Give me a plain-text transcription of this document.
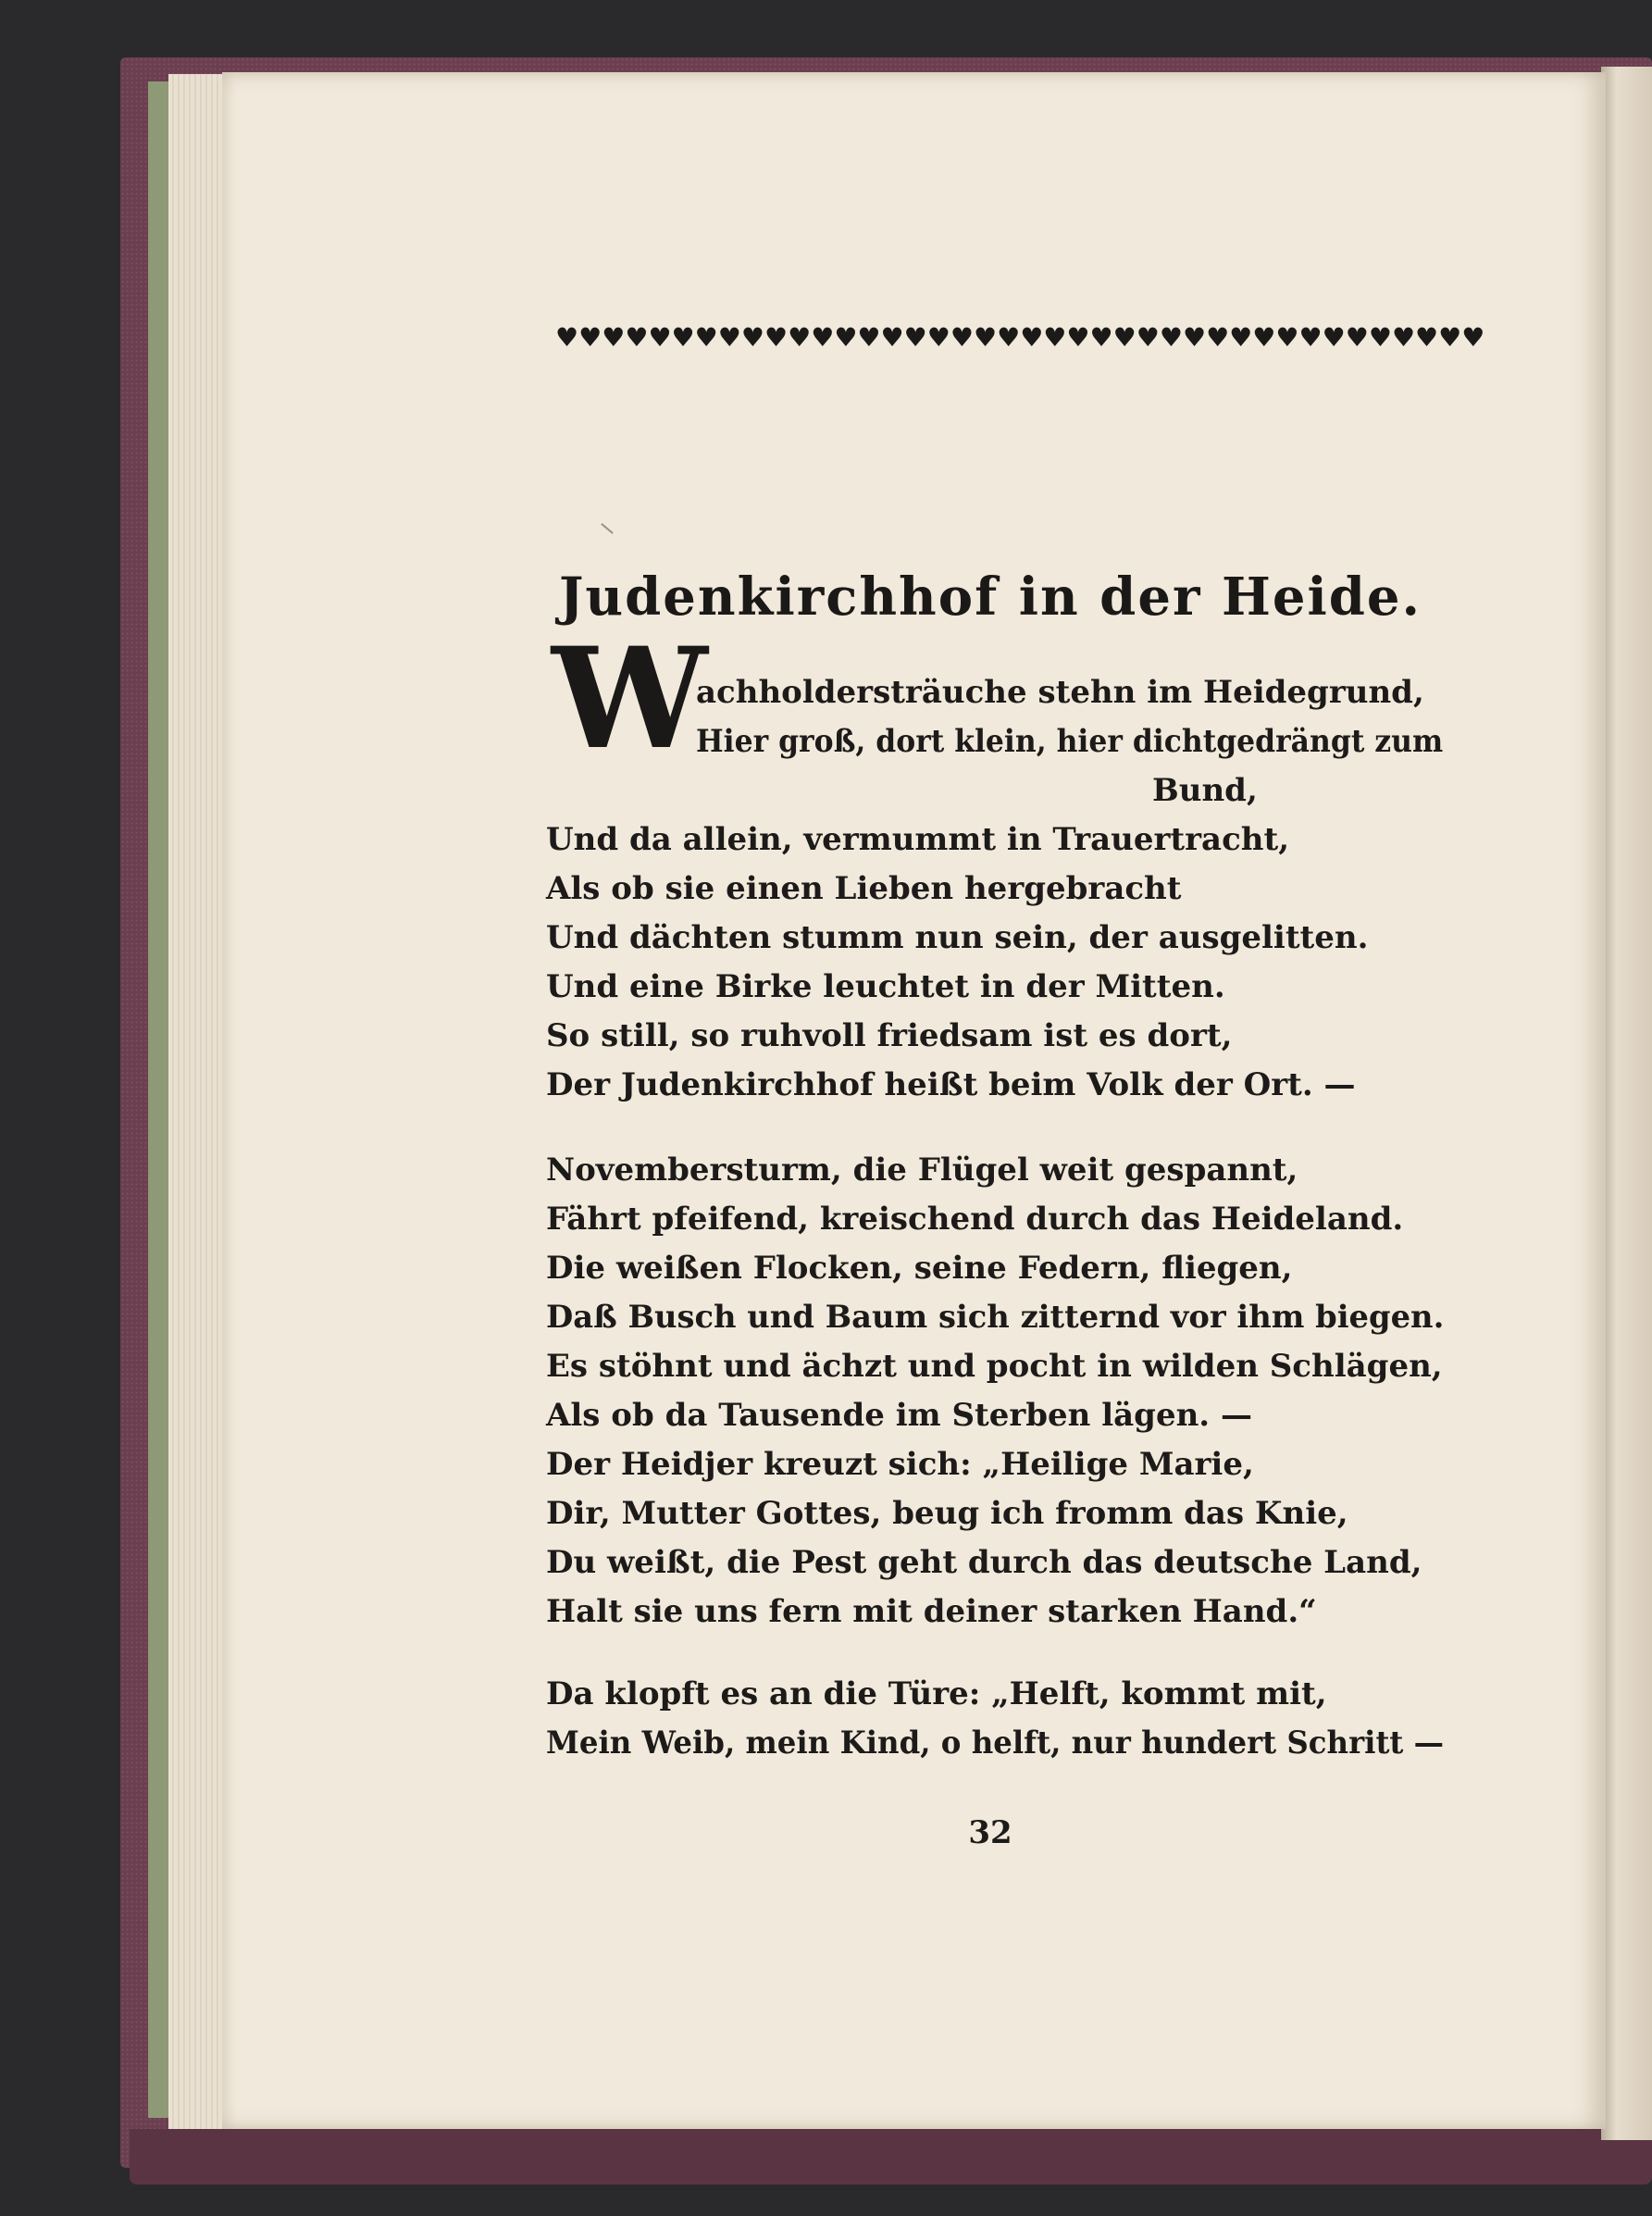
♥ ♥ ♥ ♥ ♥ ♥ ♥ ♥ ♥ ♥ ♥ ♥ ♥ ♥ ♥ ♥ ♥ ♥ ♥ ♥ ♥ ♥ ♥ ♥ ♥ ♥ ♥ ♥ ♥ ♥ ♥ ♥ ♥ ♥ ♥ ♥ ♥ ♥ ♥ ♥
Judenkirchhof in der Heide.
W
achholdersträuche stehn im Heidegrund,
Hier groß, dort klein, hier dichtgedrängt zum
Bund,
Und da allein, vermummt in Trauertracht,
Als ob sie einen Lieben hergebracht
Und dächten stumm nun sein, der ausgelitten.
Und eine Birke leuchtet in der Mitten.
So still, so ruhvoll friedsam ist es dort,
Der Judenkirchhof heißt beim Volk der Ort. —
Novembersturm, die Flügel weit gespannt,
Fährt pfeifend, kreischend durch das Heideland.
Die weißen Flocken, seine Federn, fliegen,
Daß Busch und Baum sich zitternd vor ihm biegen.
Es stöhnt und ächzt und pocht in wilden Schlägen,
Als ob da Tausende im Sterben lägen. —
Der Heidjer kreuzt sich: „Heilige Marie,
Dir, Mutter Gottes, beug ich fromm das Knie,
Du weißt, die Pest geht durch das deutsche Land,
Halt sie uns fern mit deiner starken Hand.“
Da klopft es an die Türe: „Helft, kommt mit,
Mein Weib, mein Kind, o helft, nur hundert Schritt —
32
